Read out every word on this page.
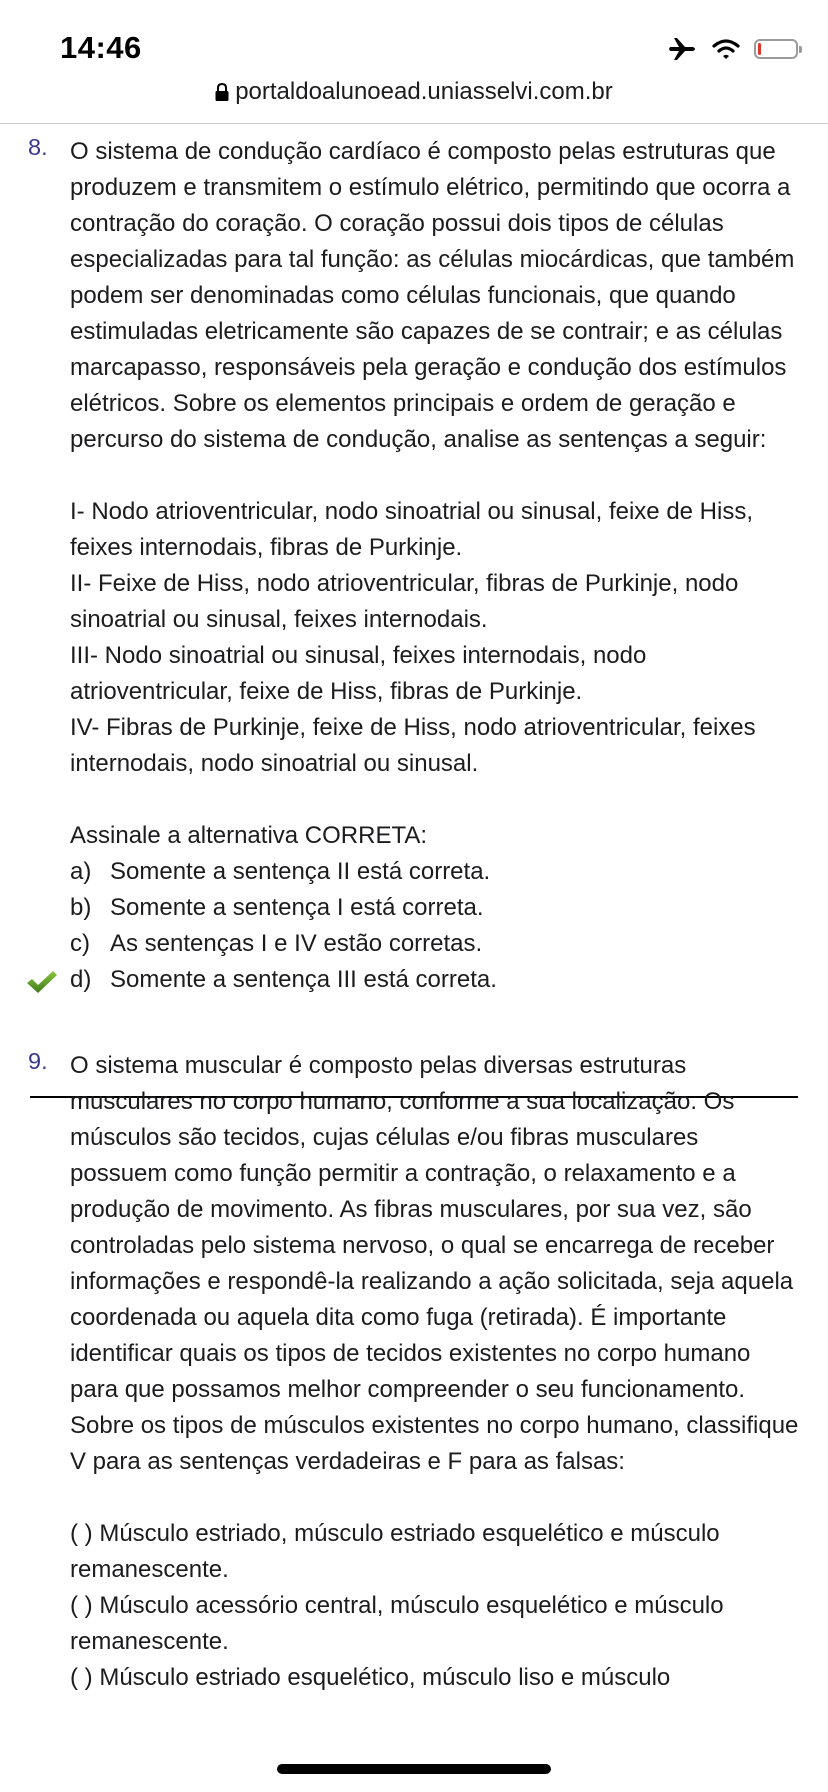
14:46
portaldoalunoead.uniasselvi.com.br
8. O sistema de condução cardíaco é composto pelas estruturas que produzem e transmitem o estímulo elétrico, permitindo que ocorra a contração do coração. O coração possui dois tipos de células especializadas para tal função: as células miocárdicas, que também podem ser denominadas como células funcionais, que quando estimuladas eletricamente são capazes de se contrair; e as células marcapasso, responsáveis pela geração e condução dos estímulos elétricos. Sobre os elementos principais e ordem de geração e percurso do sistema de condução, analise as sentenças a seguir:

I- Nodo atrioventricular, nodo sinoatrial ou sinusal, feixe de Hiss, feixes internodais, fibras de Purkinje.

II- Feixe de Hiss, nodo atrioventricular, fibras de Purkinje, nodo sinoatrial ou sinusal, feixes internodais.

III- Nodo sinoatrial ou sinusal, feixes internodais, nodo atrioventricular, feixe de Hiss, fibras de Purkinje.

IV- Fibras de Purkinje, feixe de Hiss, nodo atrioventricular, feixes internodais, nodo sinoatrial ou sinusal.

Assinale a alternativa CORRETA:
a) Somente a sentença II está correta.
b) Somente a sentença I está correta.
c) As sentenças I e IV estão corretas.
d) Somente a sentença III está correta.
9. O sistema muscular é composto pelas diversas estruturas musculares no corpo humano, conforme a sua localização. Os músculos são tecidos, cujas células e/ou fibras musculares possuem como função permitir a contração, o relaxamento e a produção de movimento. As fibras musculares, por sua vez, são controladas pelo sistema nervoso, o qual se encarrega de receber informações e respondê-la realizando a ação solicitada, seja aquela coordenada ou aquela dita como fuga (retirada). É importante identificar quais os tipos de tecidos existentes no corpo humano para que possamos melhor compreender o seu funcionamento. Sobre os tipos de músculos existentes no corpo humano, classifique V para as sentenças verdadeiras e F para as falsas:

( ) Músculo estriado, músculo estriado esquelético e músculo remanescente.

( ) Músculo acessório central, músculo esquelético e músculo remanescente.

( ) Músculo estriado esquelético, músculo liso e músculo
